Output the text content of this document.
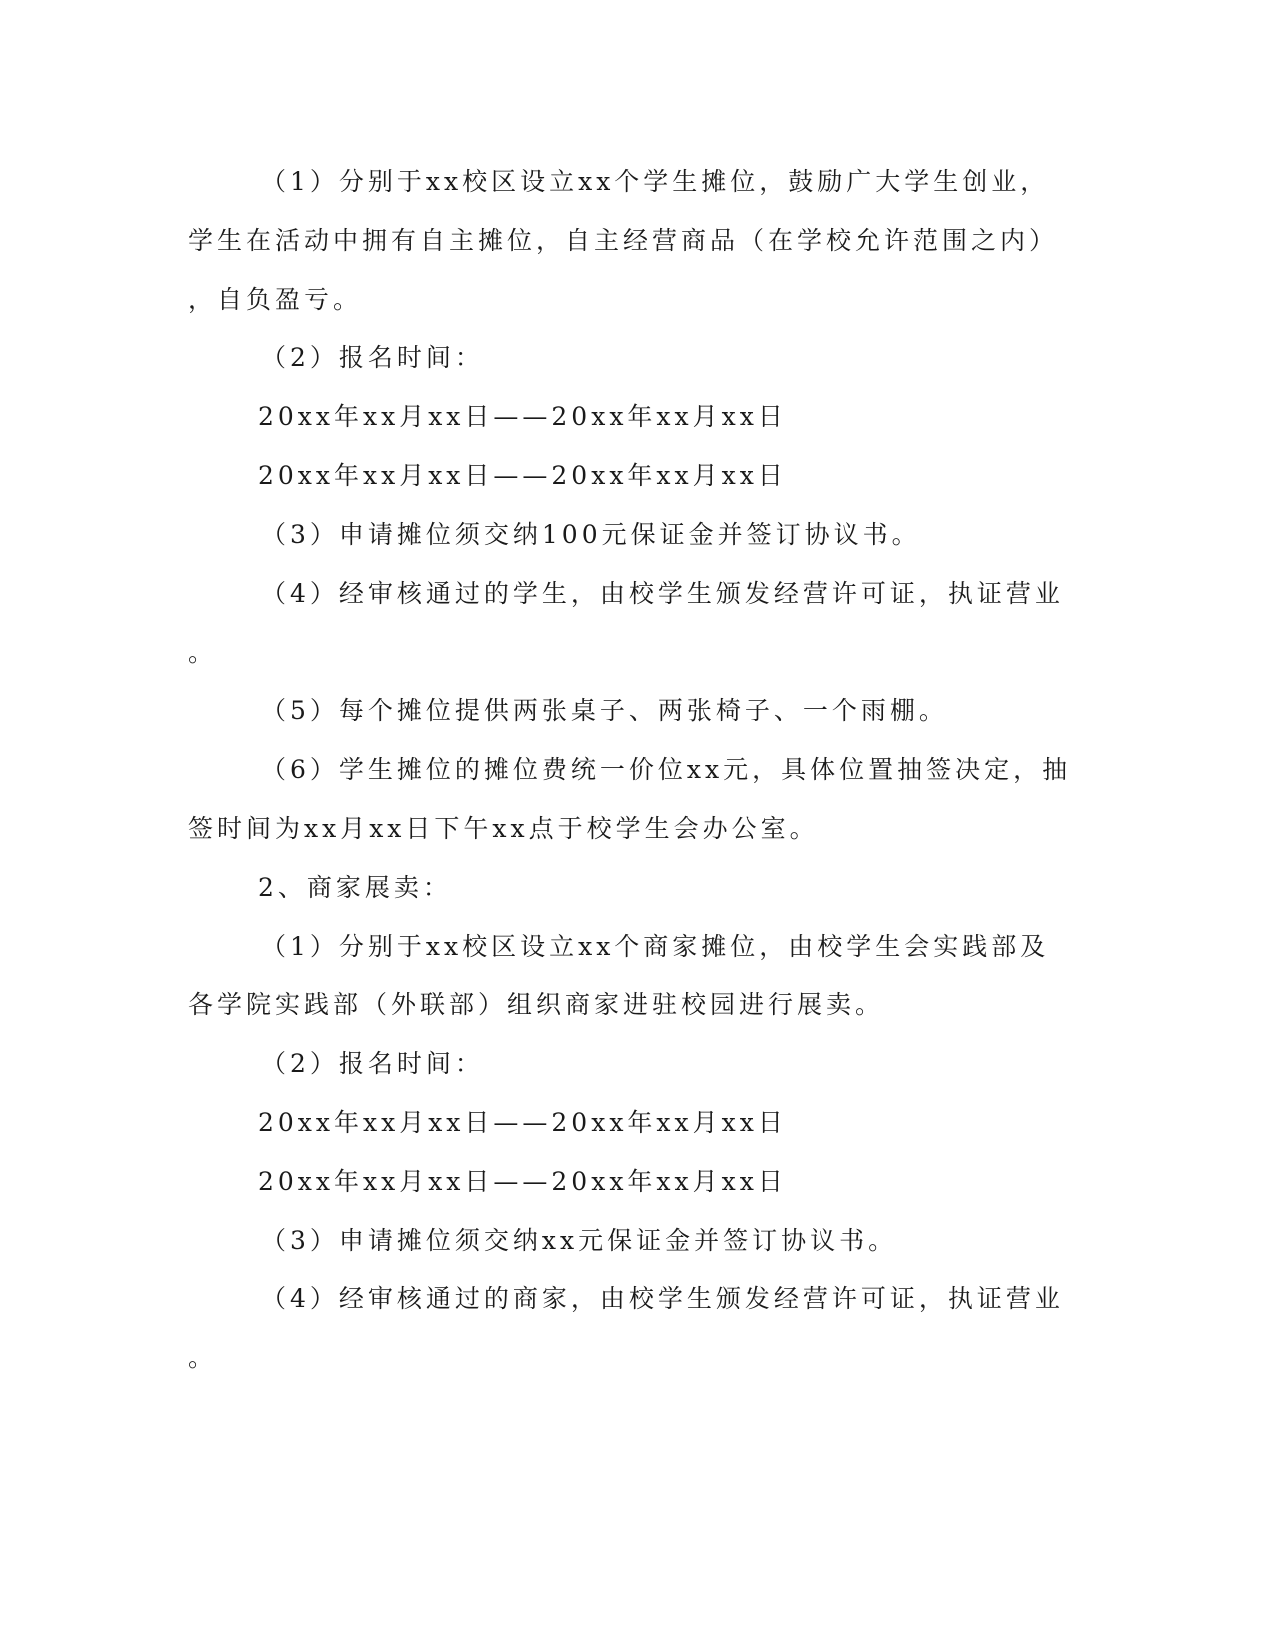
（1）分别于xx校区设立xx个学生摊位，鼓励广大学生创业，
学生在活动中拥有自主摊位，自主经营商品（在学校允许范围之内）
，自负盈亏。
（2）报名时间：
20xx年xx月xx日——20xx年xx月xx日
20xx年xx月xx日——20xx年xx月xx日
（3）申请摊位须交纳100元保证金并签订协议书。
（4）经审核通过的学生，由校学生颁发经营许可证，执证营业
。
（5）每个摊位提供两张桌子、两张椅子、一个雨棚。
（6）学生摊位的摊位费统一价位xx元，具体位置抽签决定，抽
签时间为xx月xx日下午xx点于校学生会办公室。
2、商家展卖：
（1）分别于xx校区设立xx个商家摊位，由校学生会实践部及
各学院实践部（外联部）组织商家进驻校园进行展卖。
（2）报名时间：
20xx年xx月xx日——20xx年xx月xx日
20xx年xx月xx日——20xx年xx月xx日
（3）申请摊位须交纳xx元保证金并签订协议书。
（4）经审核通过的商家，由校学生颁发经营许可证，执证营业
。
